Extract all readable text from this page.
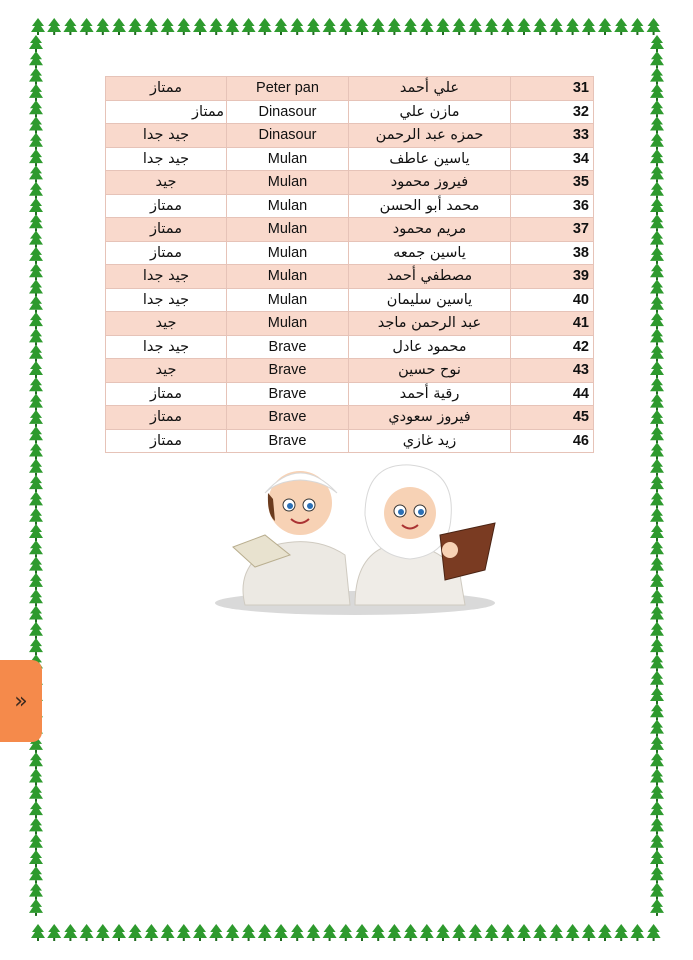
ممتاز	Peter pan	علي أحمد	31
ممتاز	Dinasour	مازن علي	32
جيد جدا	Dinasour	حمزه عبد الرحمن	33
جيد جدا	Mulan	ياسين عاطف	34
جيد	Mulan	فيروز محمود	35
ممتاز	Mulan	محمد أبو الحسن	36
ممتاز	Mulan	مريم محمود	37
ممتاز	Mulan	ياسين جمعه	38
جيد جدا	Mulan	مصطفي أحمد	39
جيد جدا	Mulan	ياسين سليمان	40
جيد	Mulan	عبد الرحمن ماجد	41
جيد جدا	Brave	محمود عادل	42
جيد	Brave	نوح حسين	43
ممتاز	Brave	رقية أحمد	44
ممتاز	Brave	فيروز سعودي	45
ممتاز	Brave	زيد غازي	46
»
